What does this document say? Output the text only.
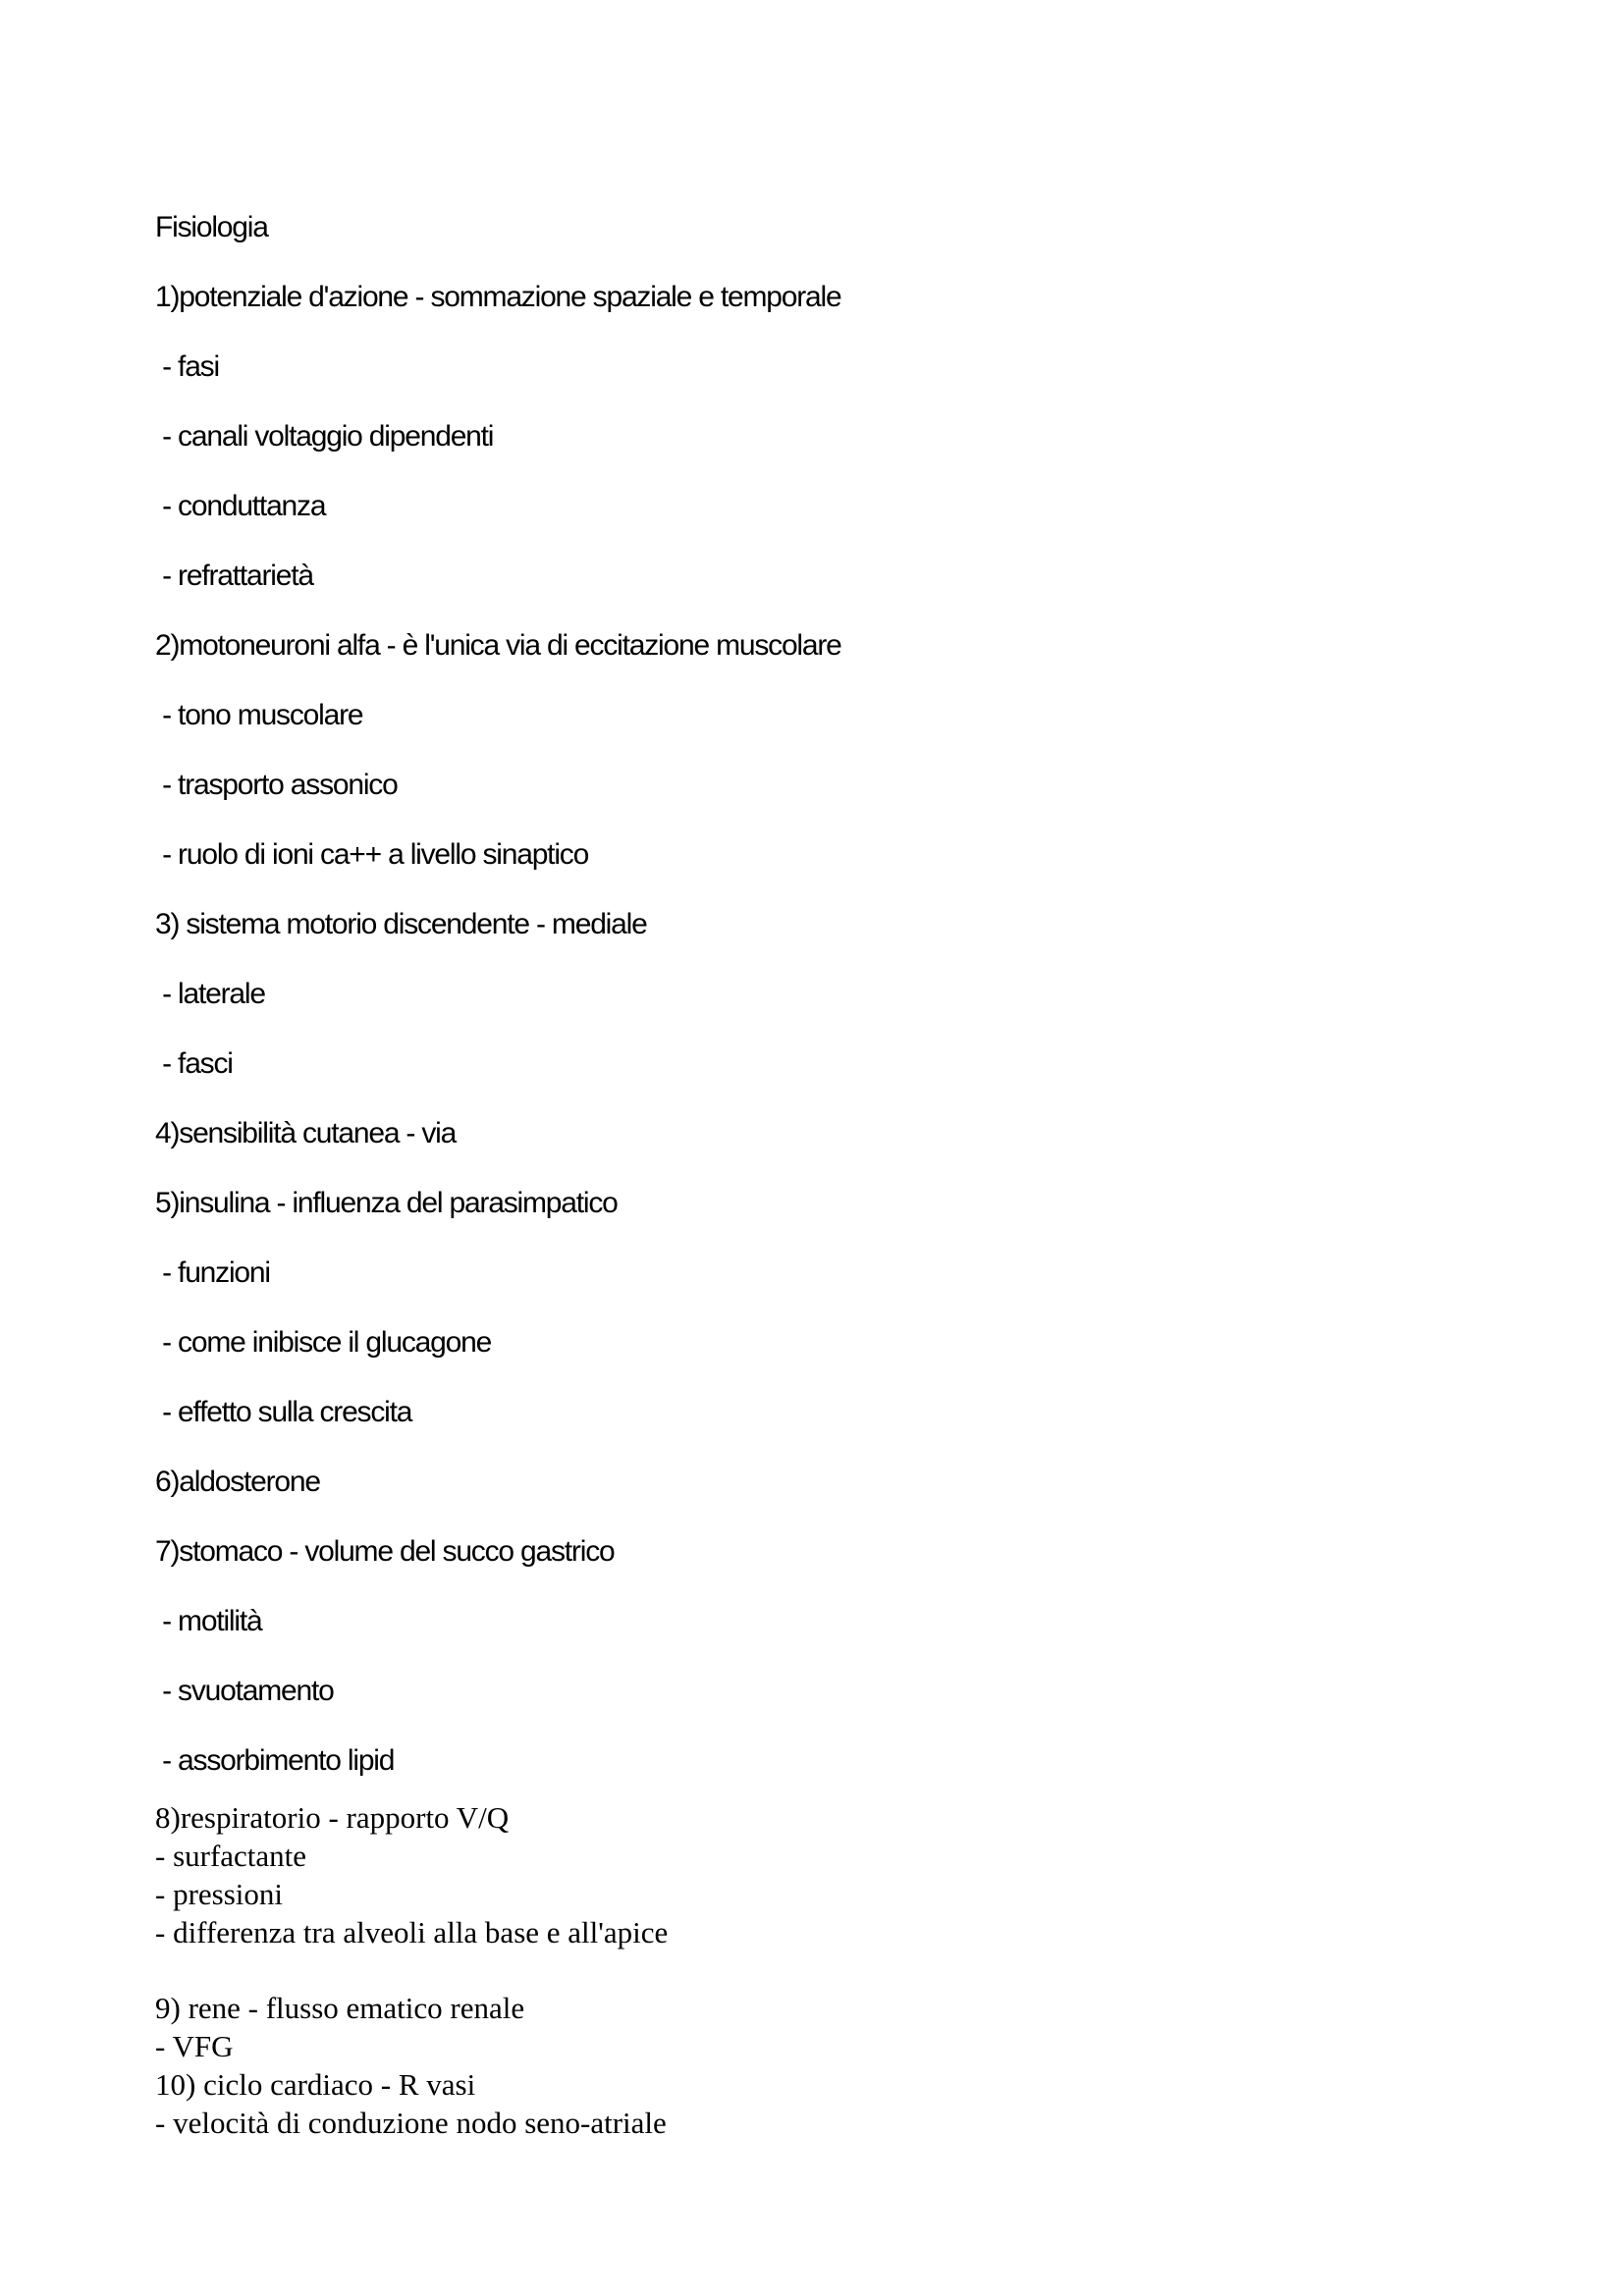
Fisiologia
1)potenziale d'azione - sommazione spaziale e temporale
- fasi
- canali voltaggio dipendenti
- conduttanza
- refrattarietà
2)motoneuroni alfa - è l'unica via di eccitazione muscolare
- tono muscolare
- trasporto assonico
- ruolo di ioni ca++ a livello sinaptico
3) sistema motorio discendente - mediale
- laterale
- fasci
4)sensibilità cutanea - via
5)insulina - influenza del parasimpatico
- funzioni
- come inibisce il glucagone
- effetto sulla crescita
6)aldosterone
7)stomaco - volume del succo gastrico
- motilità
- svuotamento
- assorbimento lipid
8)respiratorio - rapporto V/Q
- surfactante
- pressioni
- differenza tra alveoli alla base e all'apice
9) rene - flusso ematico renale
- VFG
10) ciclo cardiaco - R vasi
- velocità di conduzione nodo seno-atriale
